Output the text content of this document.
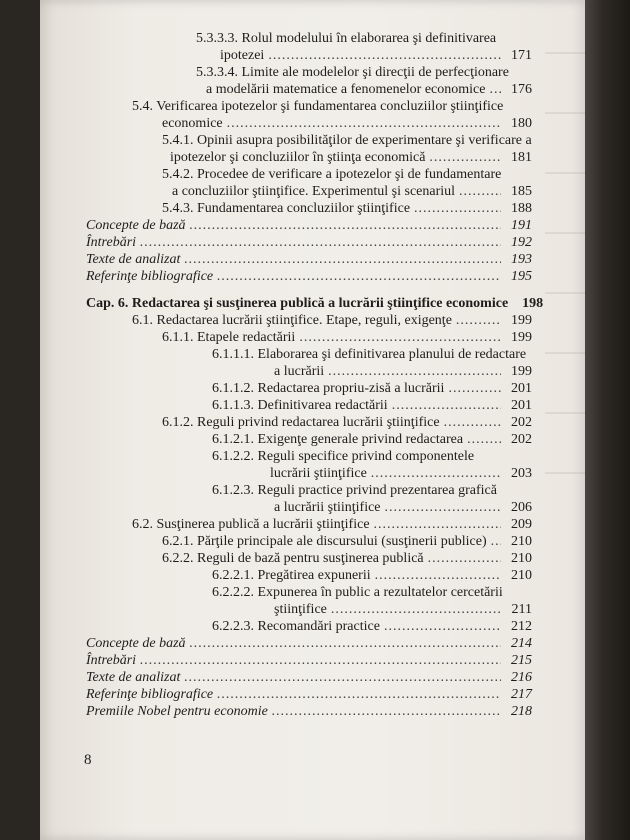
5.3.3.3. Rolul modelului în elaborarea şi definitivarea
ipotezei .....	171
5.3.3.4. Limite ale modelelor şi direcţii de perfecţionare
a modelării matematice a fenomenelor economice .....	176
5.4. Verificarea ipotezelor şi fundamentarea concluziilor ştiinţifice
economice .....	180
5.4.1. Opinii asupra posibilităţilor de experimentare şi verificare a
ipotezelor şi concluziilor în ştiinţa economică .....	181
5.4.2. Procedee de verificare a ipotezelor şi de fundamentare
a concluziilor ştiinţifice. Experimentul şi scenariul .....	185
5.4.3. Fundamentarea concluziilor ştiinţifice .....	188
Concepte de bază .....	191
Întrebări .....	192
Texte de analizat .....	193
Referinţe bibliografice .....	195
Cap. 6. Redactarea şi susţinerea publică a lucrării ştiinţifice economice	198
6.1. Redactarea lucrării ştiinţifice. Etape, reguli, exigenţe .....	199
6.1.1. Etapele redactării .....	199
6.1.1.1. Elaborarea şi definitivarea planului de redactare
a lucrării .....	199
6.1.1.2. Redactarea propriu-zisă a lucrării .....	201
6.1.1.3. Definitivarea redactării .....	201
6.1.2. Reguli privind redactarea lucrării ştiinţifice .....	202
6.1.2.1. Exigenţe generale privind redactarea .....	202
6.1.2.2. Reguli specifice privind componentele
lucrării ştiinţifice .....	203
6.1.2.3. Reguli practice privind prezentarea grafică
a lucrării ştiinţifice .....	206
6.2. Susţinerea publică a lucrării ştiinţifice .....	209
6.2.1. Părţile principale ale discursului (susţinerii publice) .....	210
6.2.2. Reguli de bază pentru susţinerea publică .....	210
6.2.2.1. Pregătirea expunerii .....	210
6.2.2.2. Expunerea în public a rezultatelor cercetării
ştiinţifice .....	211
6.2.2.3. Recomandări practice .....	212
Concepte de bază .....	214
Întrebări .....	215
Texte de analizat .....	216
Referinţe bibliografice .....	217
Premiile Nobel pentru economie .....	218
8
